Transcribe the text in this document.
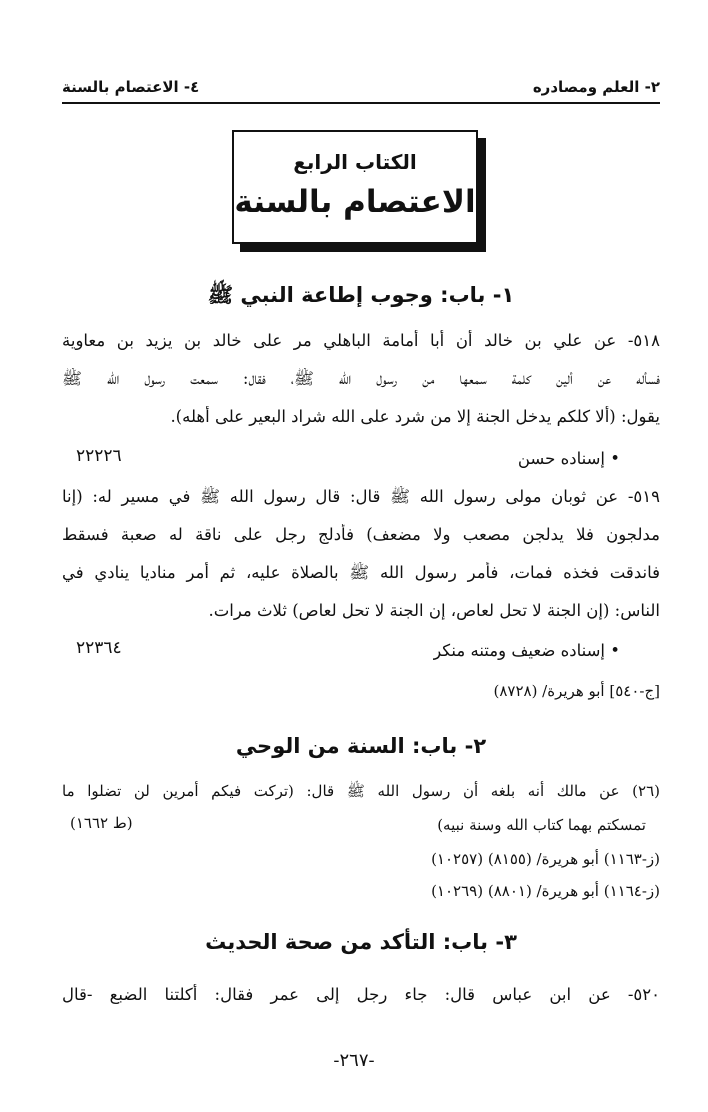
٢- العلم ومصادره
٤- الاعتصام بالسنة
الكتاب الرابع
الاعتصام بالسنة
١- باب: وجوب إطاعة النبي ﷺ
٥١٨- عن علي بن خالد أن أبا أمامة الباهلي مر على خالد بن يزيد بن معاوية
فسأله عن ألين كلمة سمعها من رسول الله ﷺ، فقال: سمعت رسول الله ﷺ
يقول: (ألا كلكم يدخل الجنة إلا من شرد على الله شراد البعير على أهله).
• إسناده حسن
٢٢٢٢٦
٥١٩- عن ثوبان مولى رسول الله ﷺ قال: قال رسول الله ﷺ في مسير له: (إنا
مدلجون فلا يدلجن مصعب ولا مضعف) فأدلج رجل على ناقة له صعبة فسقط
فاندقت فخذه فمات، فأمر رسول الله ﷺ بالصلاة عليه، ثم أمر مناديا ينادي في
الناس: (إن الجنة لا تحل لعاص، إن الجنة لا تحل لعاص) ثلاث مرات.
• إسناده ضعيف ومتنه منكر
٢٢٣٦٤
[ج-٥٤٠] أبو هريرة/ (٨٧٢٨)
٢- باب: السنة من الوحي
(٢٦) عن مالك أنه بلغه أن رسول الله ﷺ قال: (تركت فيكم أمرين لن تضلوا ما
تمسكتم بهما كتاب الله وسنة نبيه)
(ط ١٦٦٢)
(ز-١١٦٣) أبو هريرة/ (٨١٥٥) (١٠٢٥٧)
(ز-١١٦٤) أبو هريرة/ (٨٨٠١) (١٠٢٦٩)
٣- باب: التأكد من صحة الحديث
٥٢٠- عن ابن عباس قال: جاء رجل إلى عمر فقال: أكلتنا الضبع -قال
-٢٦٧-
